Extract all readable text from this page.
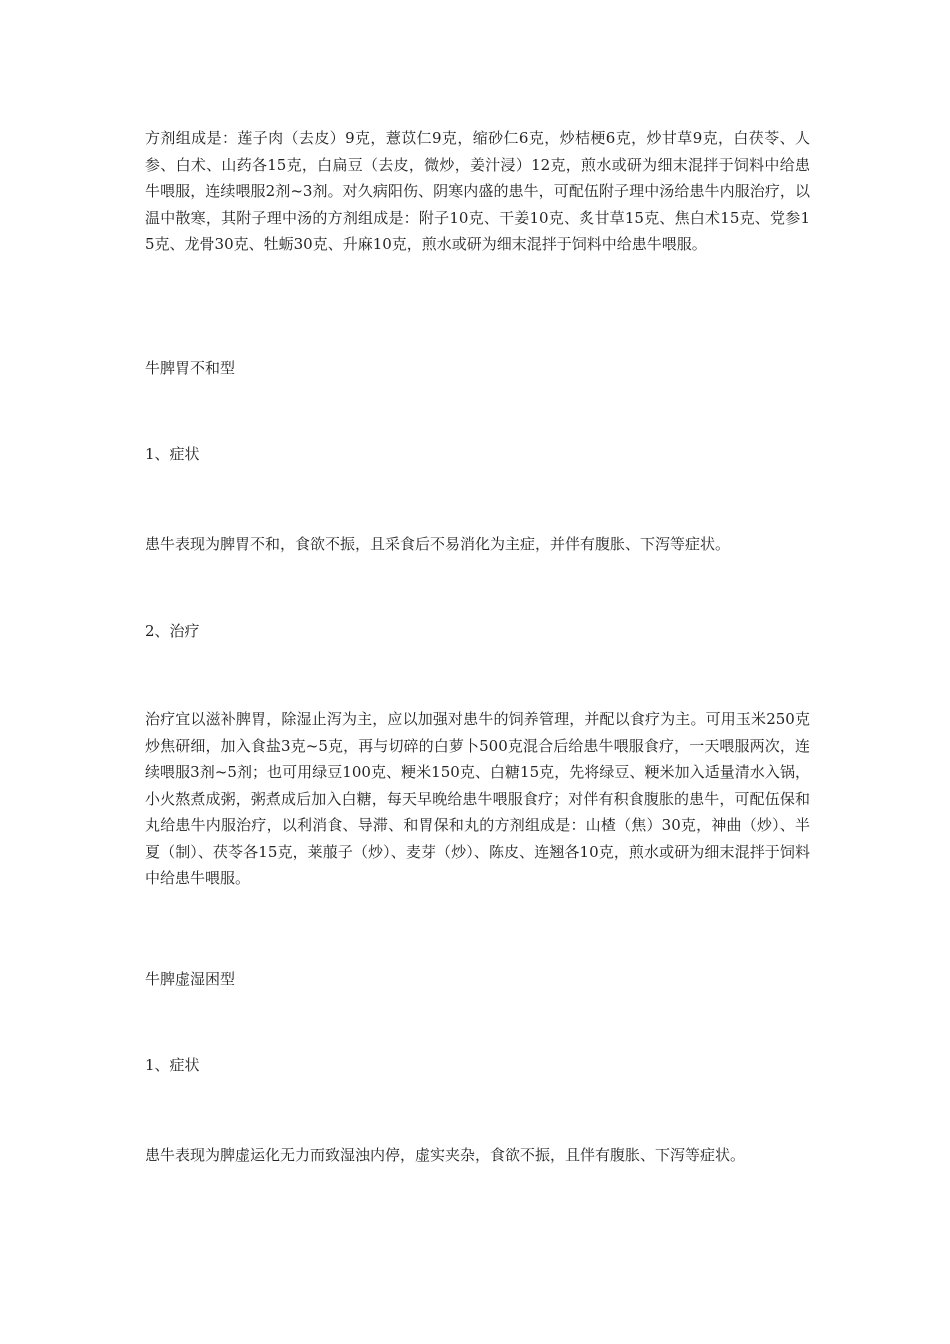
方剂组成是：莲子肉（去皮）9克，薏苡仁9克，缩砂仁6克，炒桔梗6克，炒甘草9克，白茯苓、人参、白术、山药各15克，白扁豆（去皮，微炒，姜汁浸）12克，煎水或研为细末混拌于饲料中给患牛喂服，连续喂服2剂~3剂。对久病阳伤、阴寒内盛的患牛，可配伍附子理中汤给患牛内服治疗，以温中散寒，其附子理中汤的方剂组成是：附子10克、干姜10克、炙甘草15克、焦白术15克、党参15克、龙骨30克、牡蛎30克、升麻10克，煎水或研为细末混拌于饲料中给患牛喂服。

牛脾胃不和型

1、症状

患牛表现为脾胃不和，食欲不振，且采食后不易消化为主症，并伴有腹胀、下泻等症状。

2、治疗

治疗宜以滋补脾胃，除湿止泻为主，应以加强对患牛的饲养管理，并配以食疗为主。可用玉米250克炒焦研细，加入食盐3克~5克，再与切碎的白萝卜500克混合后给患牛喂服食疗，一天喂服两次，连续喂服3剂~5剂；也可用绿豆100克、粳米150克、白糖15克，先将绿豆、粳米加入适量清水入锅，小火熬煮成粥，粥煮成后加入白糖，每天早晚给患牛喂服食疗；对伴有积食腹胀的患牛，可配伍保和丸给患牛内服治疗，以利消食、导滞、和胃保和丸的方剂组成是：山楂（焦）30克，神曲（炒）、半夏（制）、茯苓各15克，莱菔子（炒）、麦芽（炒）、陈皮、连翘各10克，煎水或研为细末混拌于饲料中给患牛喂服。

牛脾虚湿困型

1、症状

患牛表现为脾虚运化无力而致湿浊内停，虚实夹杂，食欲不振，且伴有腹胀、下泻等症状。
